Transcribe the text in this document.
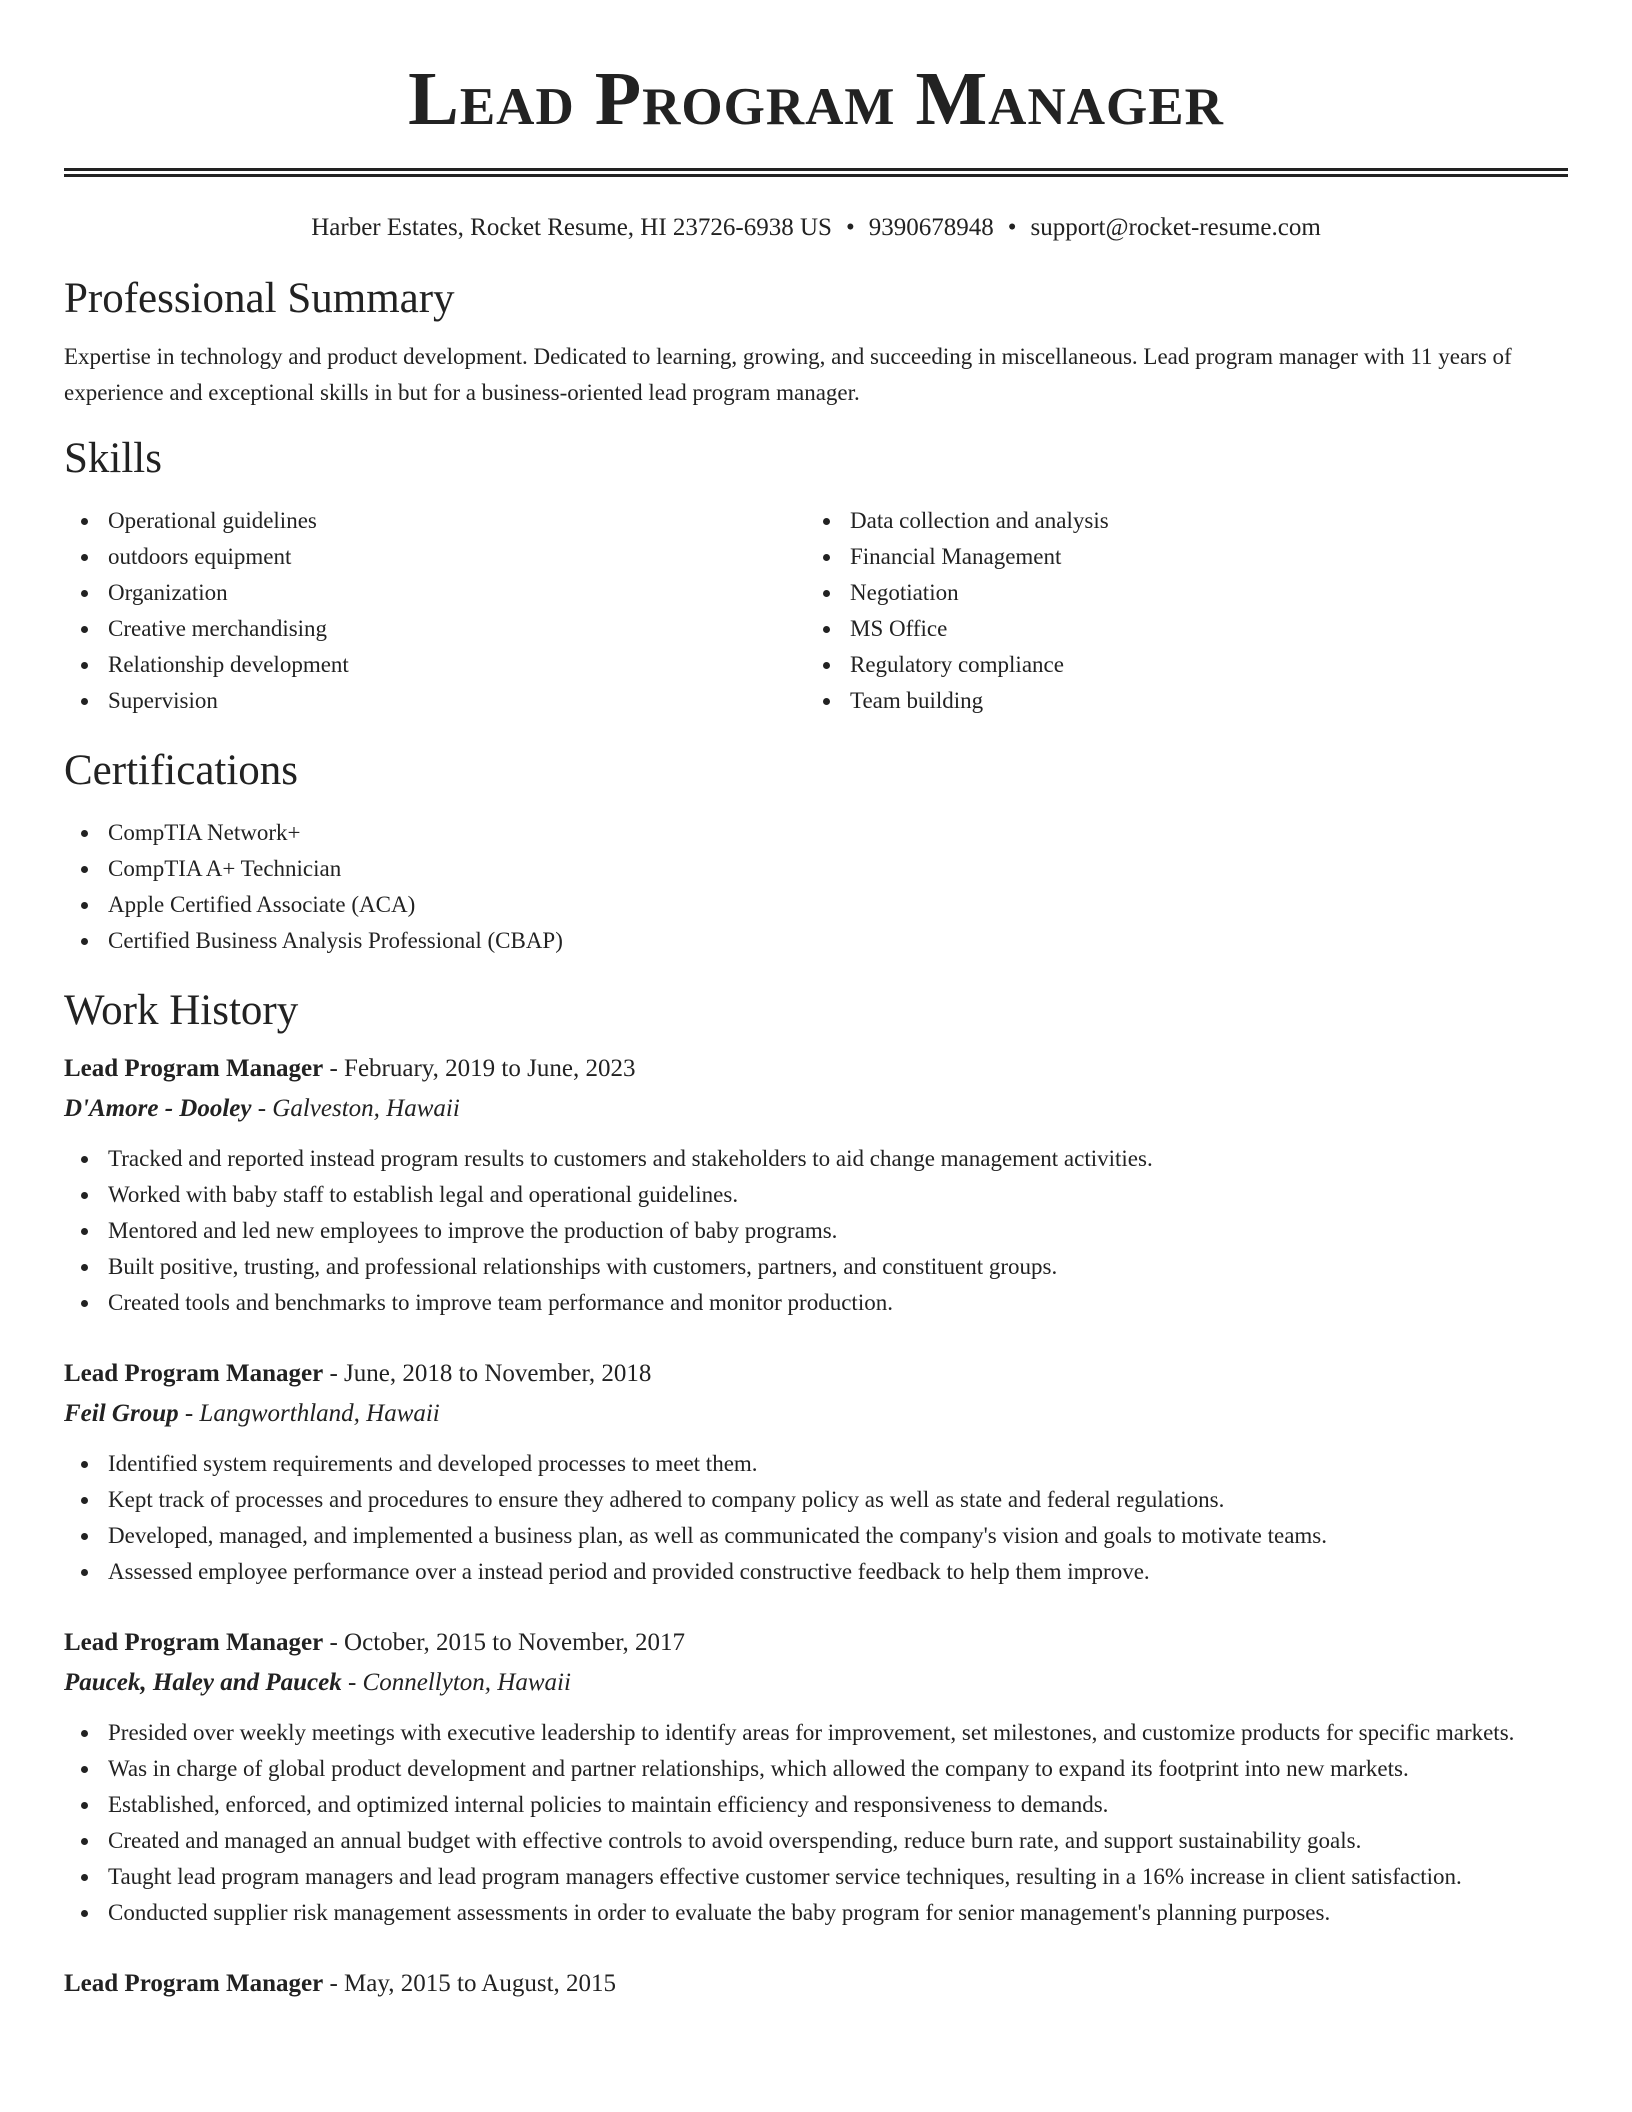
Lead Program Manager
Harber Estates, Rocket Resume, HI 23726-6938 US • 9390678948 • support@rocket-resume.com
Professional Summary

Expertise in technology and product development. Dedicated to learning, growing, and succeeding in miscellaneous. Lead program manager with 11 years of experience and exceptional skills in but for a business-oriented lead program manager.

Skills
Operational guidelines
outdoors equipment
Organization
Creative merchandising
Relationship development
Supervision
Data collection and analysis
Financial Management
Negotiation
MS Office
Regulatory compliance
Team building
Certifications
CompTIA Network+
CompTIA A+ Technician
Apple Certified Associate (ACA)
Certified Business Analysis Professional (CBAP)
Work History
Lead Program Manager - February, 2019 to June, 2023
D'Amore - Dooley - Galveston, Hawaii
Tracked and reported instead program results to customers and stakeholders to aid change management activities.
Worked with baby staff to establish legal and operational guidelines.
Mentored and led new employees to improve the production of baby programs.
Built positive, trusting, and professional relationships with customers, partners, and constituent groups.
Created tools and benchmarks to improve team performance and monitor production.
Lead Program Manager - June, 2018 to November, 2018
Feil Group - Langworthland, Hawaii
Identified system requirements and developed processes to meet them.
Kept track of processes and procedures to ensure they adhered to company policy as well as state and federal regulations.
Developed, managed, and implemented a business plan, as well as communicated the company's vision and goals to motivate teams.
Assessed employee performance over a instead period and provided constructive feedback to help them improve.
Lead Program Manager - October, 2015 to November, 2017
Paucek, Haley and Paucek - Connellyton, Hawaii
Presided over weekly meetings with executive leadership to identify areas for improvement, set milestones, and customize products for specific markets.
Was in charge of global product development and partner relationships, which allowed the company to expand its footprint into new markets.
Established, enforced, and optimized internal policies to maintain efficiency and responsiveness to demands.
Created and managed an annual budget with effective controls to avoid overspending, reduce burn rate, and support sustainability goals.
Taught lead program managers and lead program managers effective customer service techniques, resulting in a 16% increase in client satisfaction.
Conducted supplier risk management assessments in order to evaluate the baby program for senior management's planning purposes.
Lead Program Manager - May, 2015 to August, 2015
